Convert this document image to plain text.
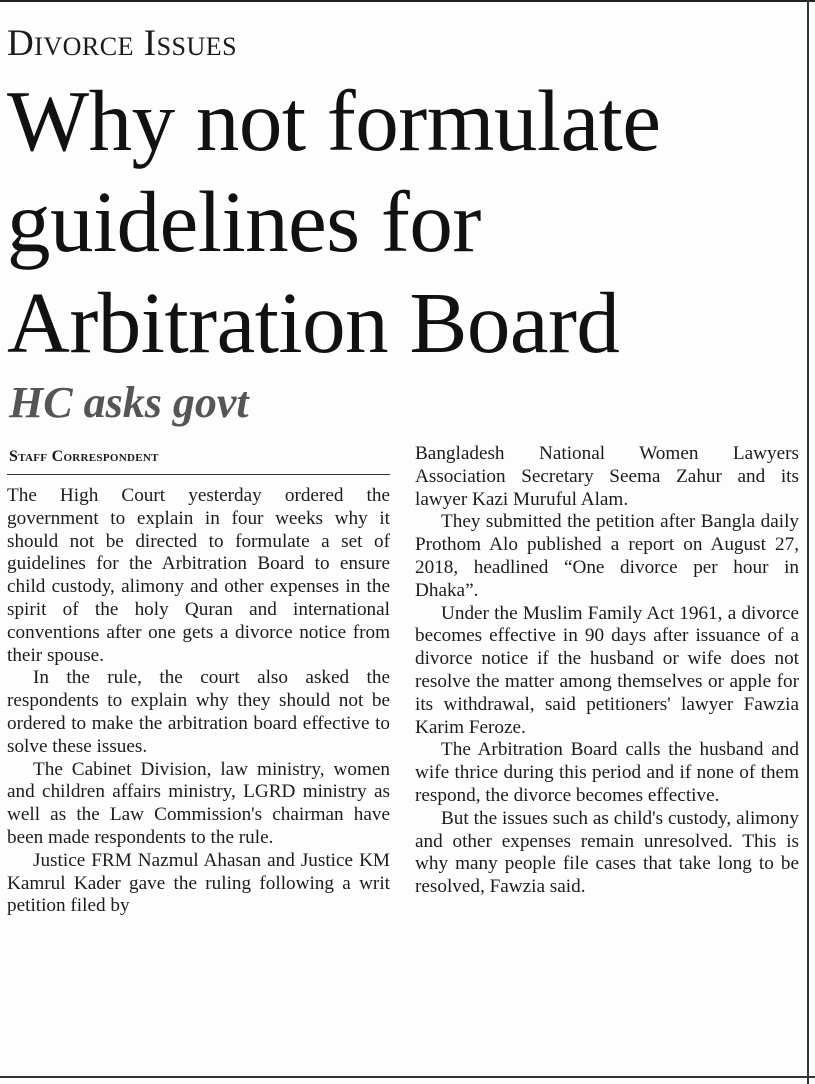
Divorce Issues
Why not formulate
guidelines for
Arbitration Board
HC asks govt
Staff Correspondent

The High Court yesterday ordered the government to explain in four weeks why it should not be directed to formulate a set of guidelines for the Arbitration Board to ensure child custody, alimony and other expenses in the spirit of the holy Quran and international conventions after one gets a divorce notice from their spouse.

In the rule, the court also asked the respondents to explain why they should not be ordered to make the arbitration board effective to solve these issues.

The Cabinet Division, law ministry, women and children affairs ministry, LGRD ministry as well as the Law Commission's chairman have been made respondents to the rule.

Justice FRM Nazmul Ahasan and Justice KM Kamrul Kader gave the ruling following a writ petition filed by

Bangladesh National Women Lawyers Association Secretary Seema Zahur and its lawyer Kazi Muruful Alam.

They submitted the petition after Bangla daily Prothom Alo published a report on August 27, 2018, headlined “One divorce per hour in Dhaka”.

Under the Muslim Family Act 1961, a divorce becomes effective in 90 days after issuance of a divorce notice if the husband or wife does not resolve the matter among themselves or apple for its withdrawal, said petitioners' lawyer Fawzia Karim Feroze.

The Arbitration Board calls the husband and wife thrice during this period and if none of them respond, the divorce becomes effective.

But the issues such as child's custody, alimony and other expenses remain unresolved. This is why many people file cases that take long to be resolved, Fawzia said.
